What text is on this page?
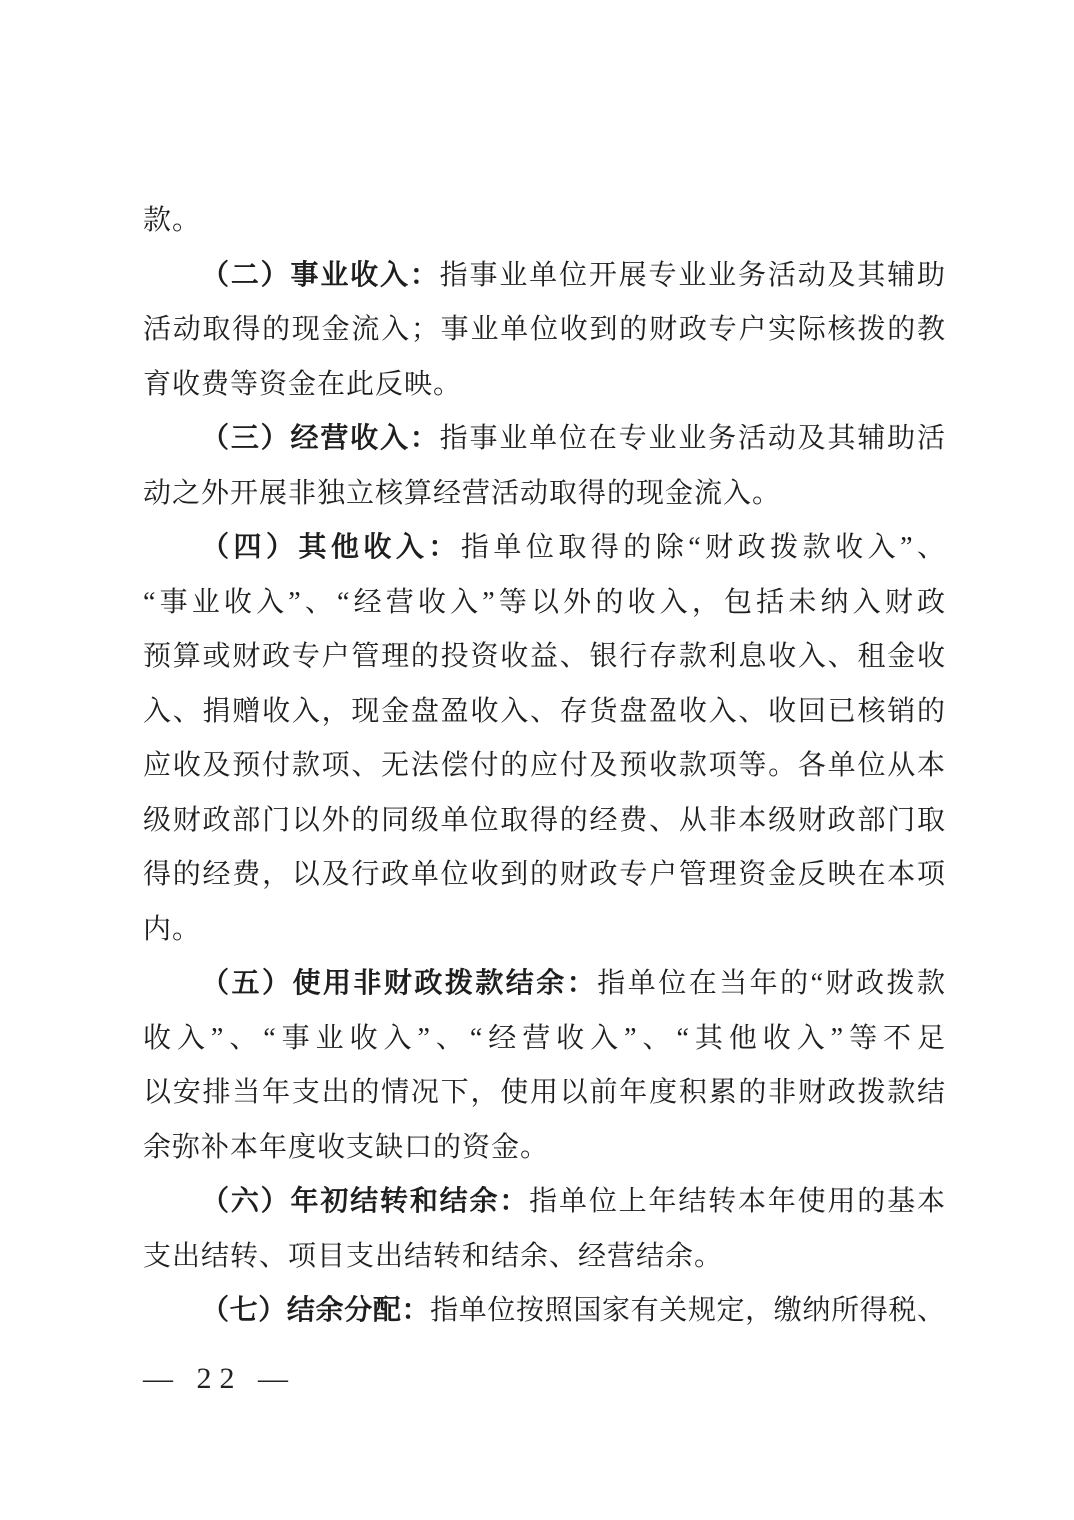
款。
（二）事业收入：指事业单位开展专业业务活动及其辅助
活动取得的现金流入；事业单位收到的财政专户实际核拨的教
育收费等资金在此反映。
（三）经营收入：指事业单位在专业业务活动及其辅助活
动之外开展非独立核算经营活动取得的现金流入。
（四）其他收入：指单位取得的除“财政拨款收入”、
“事业收入”、“经营收入”等以外的收入，包括未纳入财政
预算或财政专户管理的投资收益、银行存款利息收入、租金收
入、捐赠收入，现金盘盈收入、存货盘盈收入、收回已核销的
应收及预付款项、无法偿付的应付及预收款项等。各单位从本
级财政部门以外的同级单位取得的经费、从非本级财政部门取
得的经费，以及行政单位收到的财政专户管理资金反映在本项
内。
（五）使用非财政拨款结余：指单位在当年的“财政拨款
收入”、“事业收入”、“经营收入”、“其他收入”等不足
以安排当年支出的情况下，使用以前年度积累的非财政拨款结
余弥补本年度收支缺口的资金。
（六）年初结转和结余：指单位上年结转本年使用的基本
支出结转、项目支出结转和结余、经营结余。
（七）结余分配：指单位按照国家有关规定，缴纳所得税、
— 22 —
